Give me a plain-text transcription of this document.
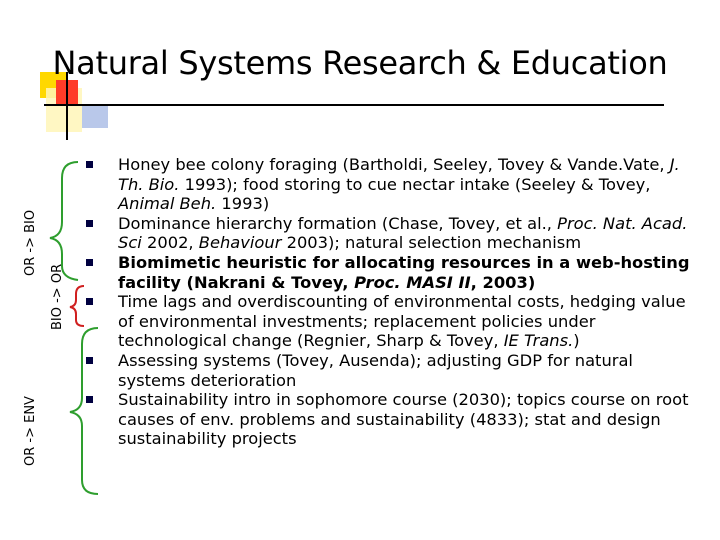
Natural Systems Research & Education
OR -> BIO
BIO -> OR
OR -> ENV
Honey bee colony foraging (Bartholdi, Seeley, Tovey & Vande.Vate, J. Th. Bio. 1993); food storing to cue nectar intake (Seeley & Tovey, Animal Beh. 1993)
Dominance hierarchy formation (Chase, Tovey, et al., Proc. Nat. Acad. Sci 2002, Behaviour 2003); natural selection mechanism
Biomimetic heuristic for allocating resources in a web-hosting facility (Nakrani & Tovey, Proc. MASI II, 2003)
Time lags and overdiscounting of environmental costs, hedging value of environmental investments; replacement policies under technological change (Regnier, Sharp & Tovey, IE Trans.)
Assessing systems (Tovey, Ausenda); adjusting GDP for natural systems deterioration
Sustainability intro in sophomore course (2030); topics course on root causes of env. problems and sustainability (4833); stat and design sustainability projects
